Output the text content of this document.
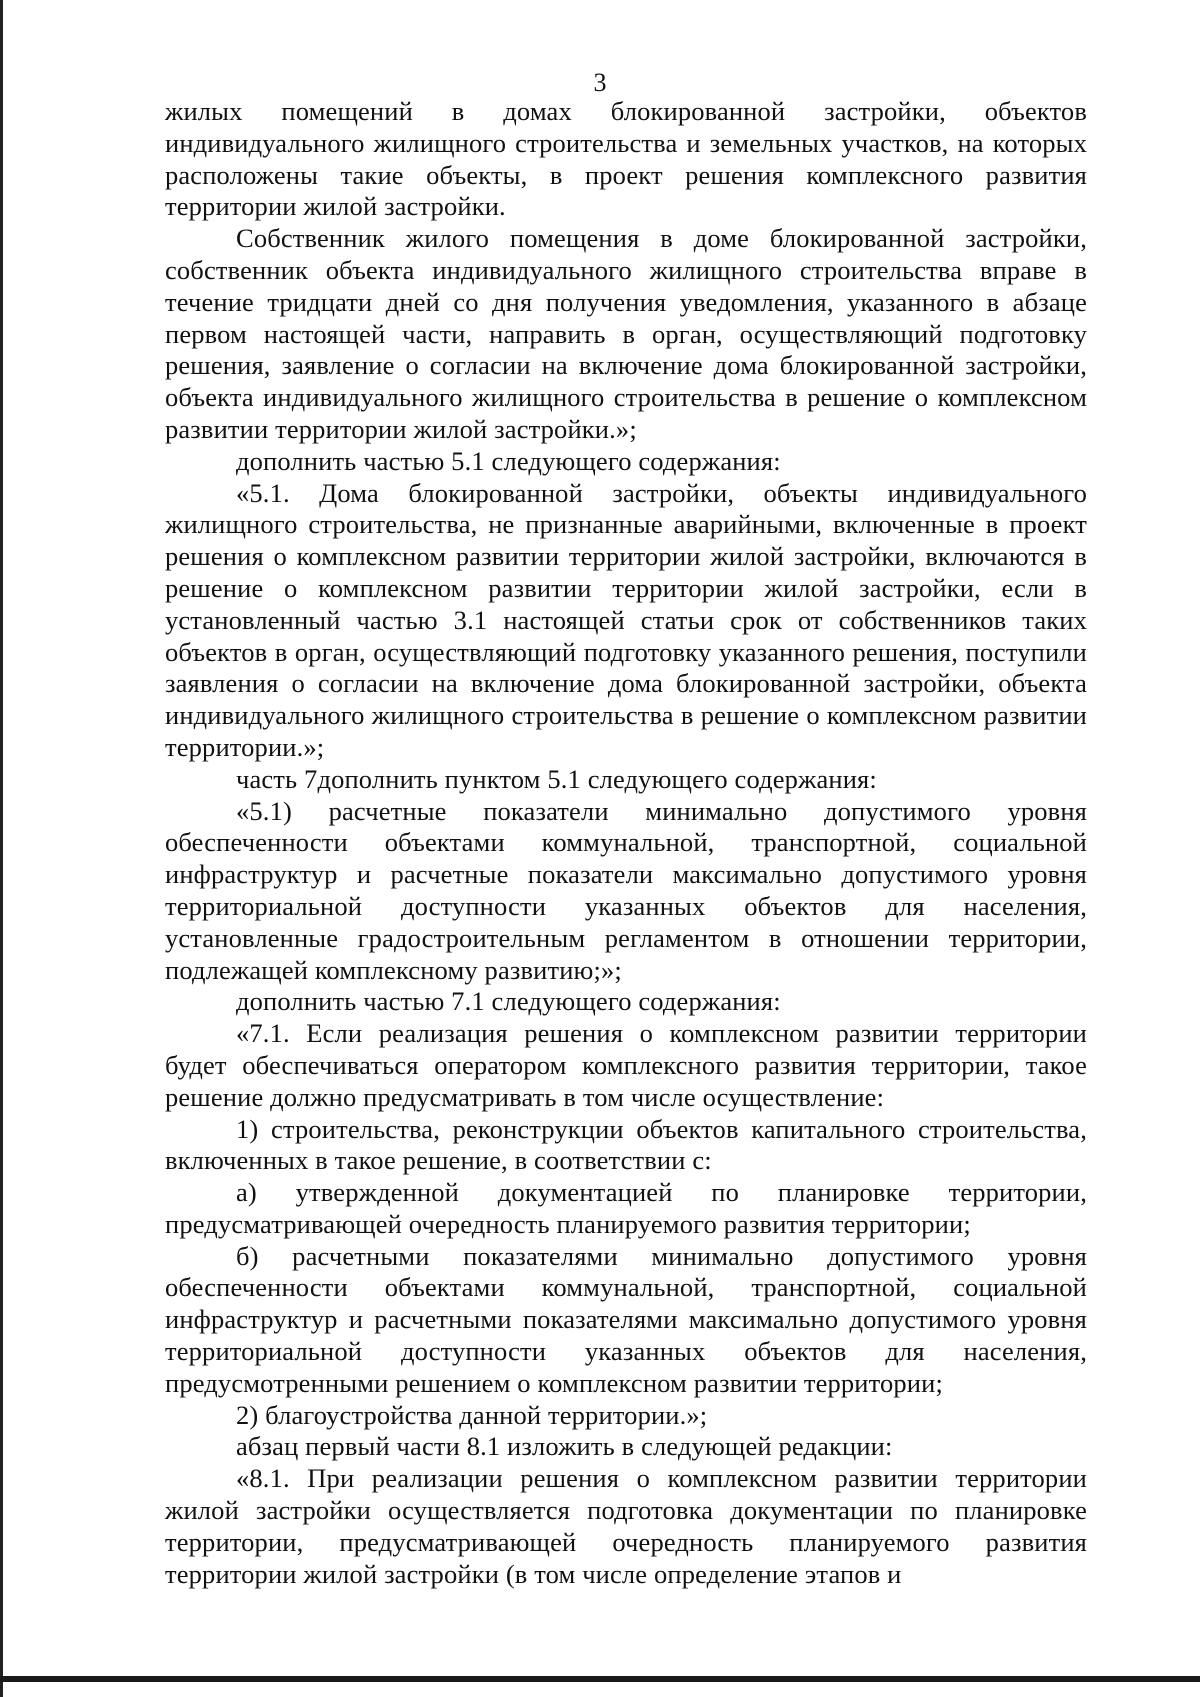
3

жилых помещений в домах блокированной застройки, объектов индивидуального жилищного строительства и земельных участков, на которых расположены такие объекты, в проект решения комплексного развития территории жилой застройки.

Собственник жилого помещения в доме блокированной застройки, собственник объекта индивидуального жилищного строительства вправе в течение тридцати дней со дня получения уведомления, указанного в абзаце первом настоящей части, направить в орган, осуществляющий подготовку решения, заявление о согласии на включение дома блокированной застройки, объекта индивидуального жилищного строительства в решение о комплексном развитии территории жилой застройки.»;

дополнить частью 5.1 следующего содержания:

«5.1. Дома блокированной застройки, объекты индивидуального жилищного строительства, не признанные аварийными, включенные в проект решения о комплексном развитии территории жилой застройки, включаются в решение о комплексном развитии территории жилой застройки, если в установленный частью 3.1 настоящей статьи срок от собственников таких объектов в орган, осуществляющий подготовку указанного решения, поступили заявления о согласии на включение дома блокированной застройки, объекта индивидуального жилищного строительства в решение о комплексном развитии территории.»;

часть 7дополнить пунктом 5.1 следующего содержания:

«5.1) расчетные показатели минимально допустимого уровня обеспеченности объектами коммунальной, транспортной, социальной инфраструктур и расчетные показатели максимально допустимого уровня территориальной доступности указанных объектов для населения, установленные градостроительным регламентом в отношении территории, подлежащей комплексному развитию;»;

дополнить частью 7.1 следующего содержания:

«7.1. Если реализация решения о комплексном развитии территории будет обеспечиваться оператором комплексного развития территории, такое решение должно предусматривать в том числе осуществление:

1) строительства, реконструкции объектов капитального строительства, включенных в такое решение, в соответствии с:

а) утвержденной документацией по планировке территории, предусматривающей очередность планируемого развития территории;

б) расчетными показателями минимально допустимого уровня обеспеченности объектами коммунальной, транспортной, социальной инфраструктур и расчетными показателями максимально допустимого уровня территориальной доступности указанных объектов для населения, предусмотренными решением о комплексном развитии территории;

2) благоустройства данной территории.»;

абзац первый части 8.1 изложить в следующей редакции:

«8.1. При реализации решения о комплексном развитии территории жилой застройки осуществляется подготовка документации по планировке территории, предусматривающей очередность планируемого развития территории жилой застройки (в том числе определение этапов и
